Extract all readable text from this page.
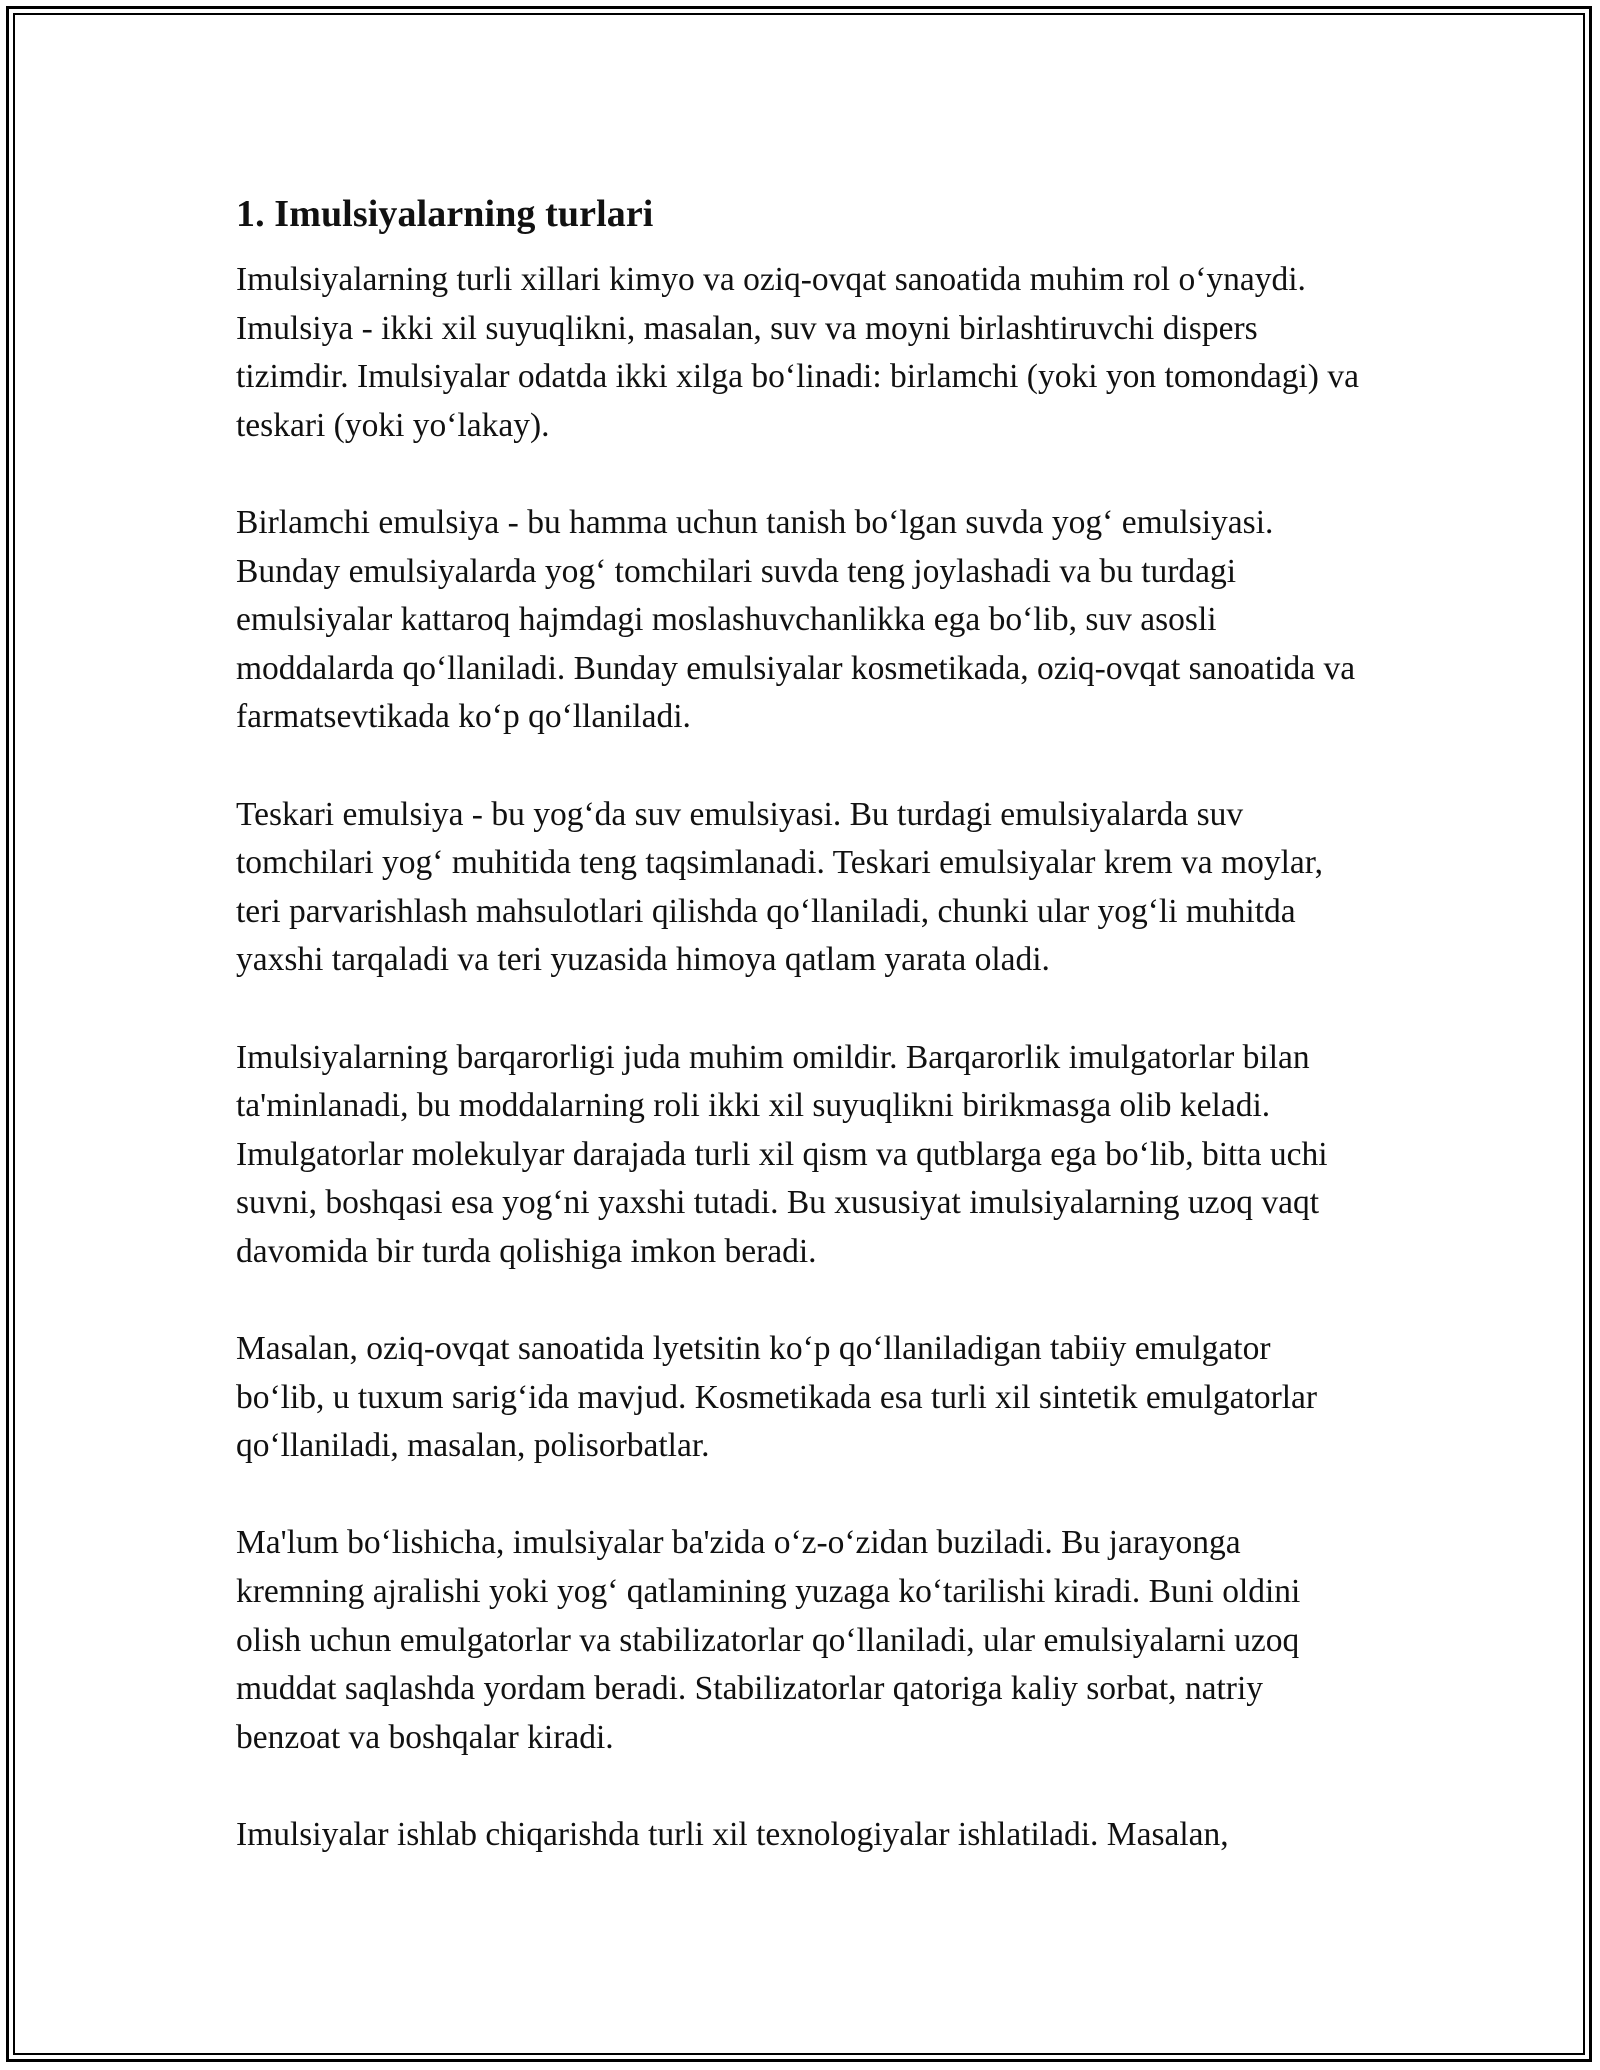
1. Imulsiyalarning turlari

Imulsiyalarning turli xillari kimyo va oziq-ovqat sanoatida muhim rol o‘ynaydi. Imulsiya - ikki xil suyuqlikni, masalan, suv va moyni birlashtiruvchi dispers tizimdir. Imulsiyalar odatda ikki xilga bo‘linadi: birlamchi (yoki yon tomondagi) va teskari (yoki yo‘lakay).

Birlamchi emulsiya - bu hamma uchun tanish bo‘lgan suvda yog‘ emulsiyasi. Bunday emulsiyalarda yog‘ tomchilari suvda teng joylashadi va bu turdagi emulsiyalar kattaroq hajmdagi moslashuvchanlikka ega bo‘lib, suv asosli moddalarda qo‘llaniladi. Bunday emulsiyalar kosmetikada, oziq-ovqat sanoatida va farmatsevtikada ko‘p qo‘llaniladi.

Teskari emulsiya - bu yog‘da suv emulsiyasi. Bu turdagi emulsiyalarda suv tomchilari yog‘ muhitida teng taqsimlanadi. Teskari emulsiyalar krem va moylar, teri parvarishlash mahsulotlari qilishda qo‘llaniladi, chunki ular yog‘li muhitda yaxshi tarqaladi va teri yuzasida himoya qatlam yarata oladi.

Imulsiyalarning barqarorligi juda muhim omildir. Barqarorlik imulgatorlar bilan ta'minlanadi, bu moddalarning roli ikki xil suyuqlikni birikmasga olib keladi. Imulgatorlar molekulyar darajada turli xil qism va qutblarga ega bo‘lib, bitta uchi suvni, boshqasi esa yog‘ni yaxshi tutadi. Bu xususiyat imulsiyalarning uzoq vaqt davomida bir turda qolishiga imkon beradi.

Masalan, oziq-ovqat sanoatida lyetsitin ko‘p qo‘llaniladigan tabiiy emulgator bo‘lib, u tuxum sarig‘ida mavjud. Kosmetikada esa turli xil sintetik emulgatorlar qo‘llaniladi, masalan, polisorbatlar.

Ma'lum bo‘lishicha, imulsiyalar ba'zida o‘z-o‘zidan buziladi. Bu jarayonga kremning ajralishi yoki yog‘ qatlamining yuzaga ko‘tarilishi kiradi. Buni oldini olish uchun emulgatorlar va stabilizatorlar qo‘llaniladi, ular emulsiyalarni uzoq muddat saqlashda yordam beradi. Stabilizatorlar qatoriga kaliy sorbat, natriy benzoat va boshqalar kiradi.

Imulsiyalar ishlab chiqarishda turli xil texnologiyalar ishlatiladi. Masalan,
